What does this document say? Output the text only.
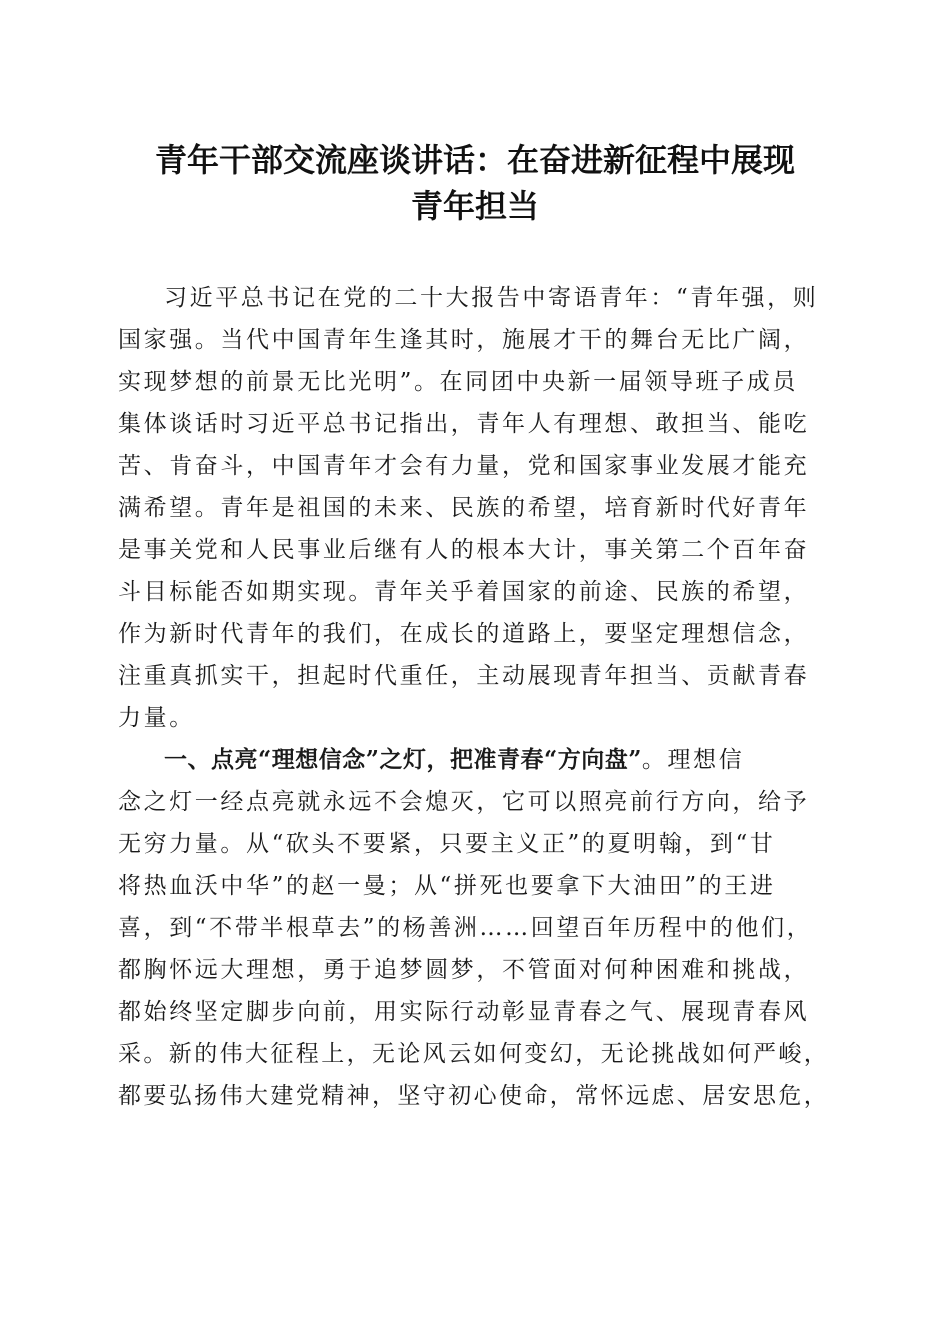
青年干部交流座谈讲话：在奋进新征程中展现
青年担当
习近平总书记在党的二十大报告中寄语青年：“青年强，则
国家强。当代中国青年生逢其时，施展才干的舞台无比广阔，
实现梦想的前景无比光明”。在同团中央新一届领导班子成员
集体谈话时习近平总书记指出，青年人有理想、敢担当、能吃
苦、肯奋斗，中国青年才会有力量，党和国家事业发展才能充
满希望。青年是祖国的未来、民族的希望，培育新时代好青年
是事关党和人民事业后继有人的根本大计，事关第二个百年奋
斗目标能否如期实现。青年关乎着国家的前途、民族的希望，
作为新时代青年的我们，在成长的道路上，要坚定理想信念，
注重真抓实干，担起时代重任，主动展现青年担当、贡献青春
力量。
一、点亮“理想信念”之灯，把准青春“方向盘”。理想信
念之灯一经点亮就永远不会熄灭，它可以照亮前行方向，给予
无穷力量。从“砍头不要紧，只要主义正”的夏明翰，到“甘
将热血沃中华”的赵一曼；从“拼死也要拿下大油田”的王进
喜，到“不带半根草去”的杨善洲……回望百年历程中的他们，
都胸怀远大理想，勇于追梦圆梦，不管面对何种困难和挑战，
都始终坚定脚步向前，用实际行动彰显青春之气、展现青春风
采。新的伟大征程上，无论风云如何变幻，无论挑战如何严峻，
都要弘扬伟大建党精神，坚守初心使命，常怀远虑、居安思危，
